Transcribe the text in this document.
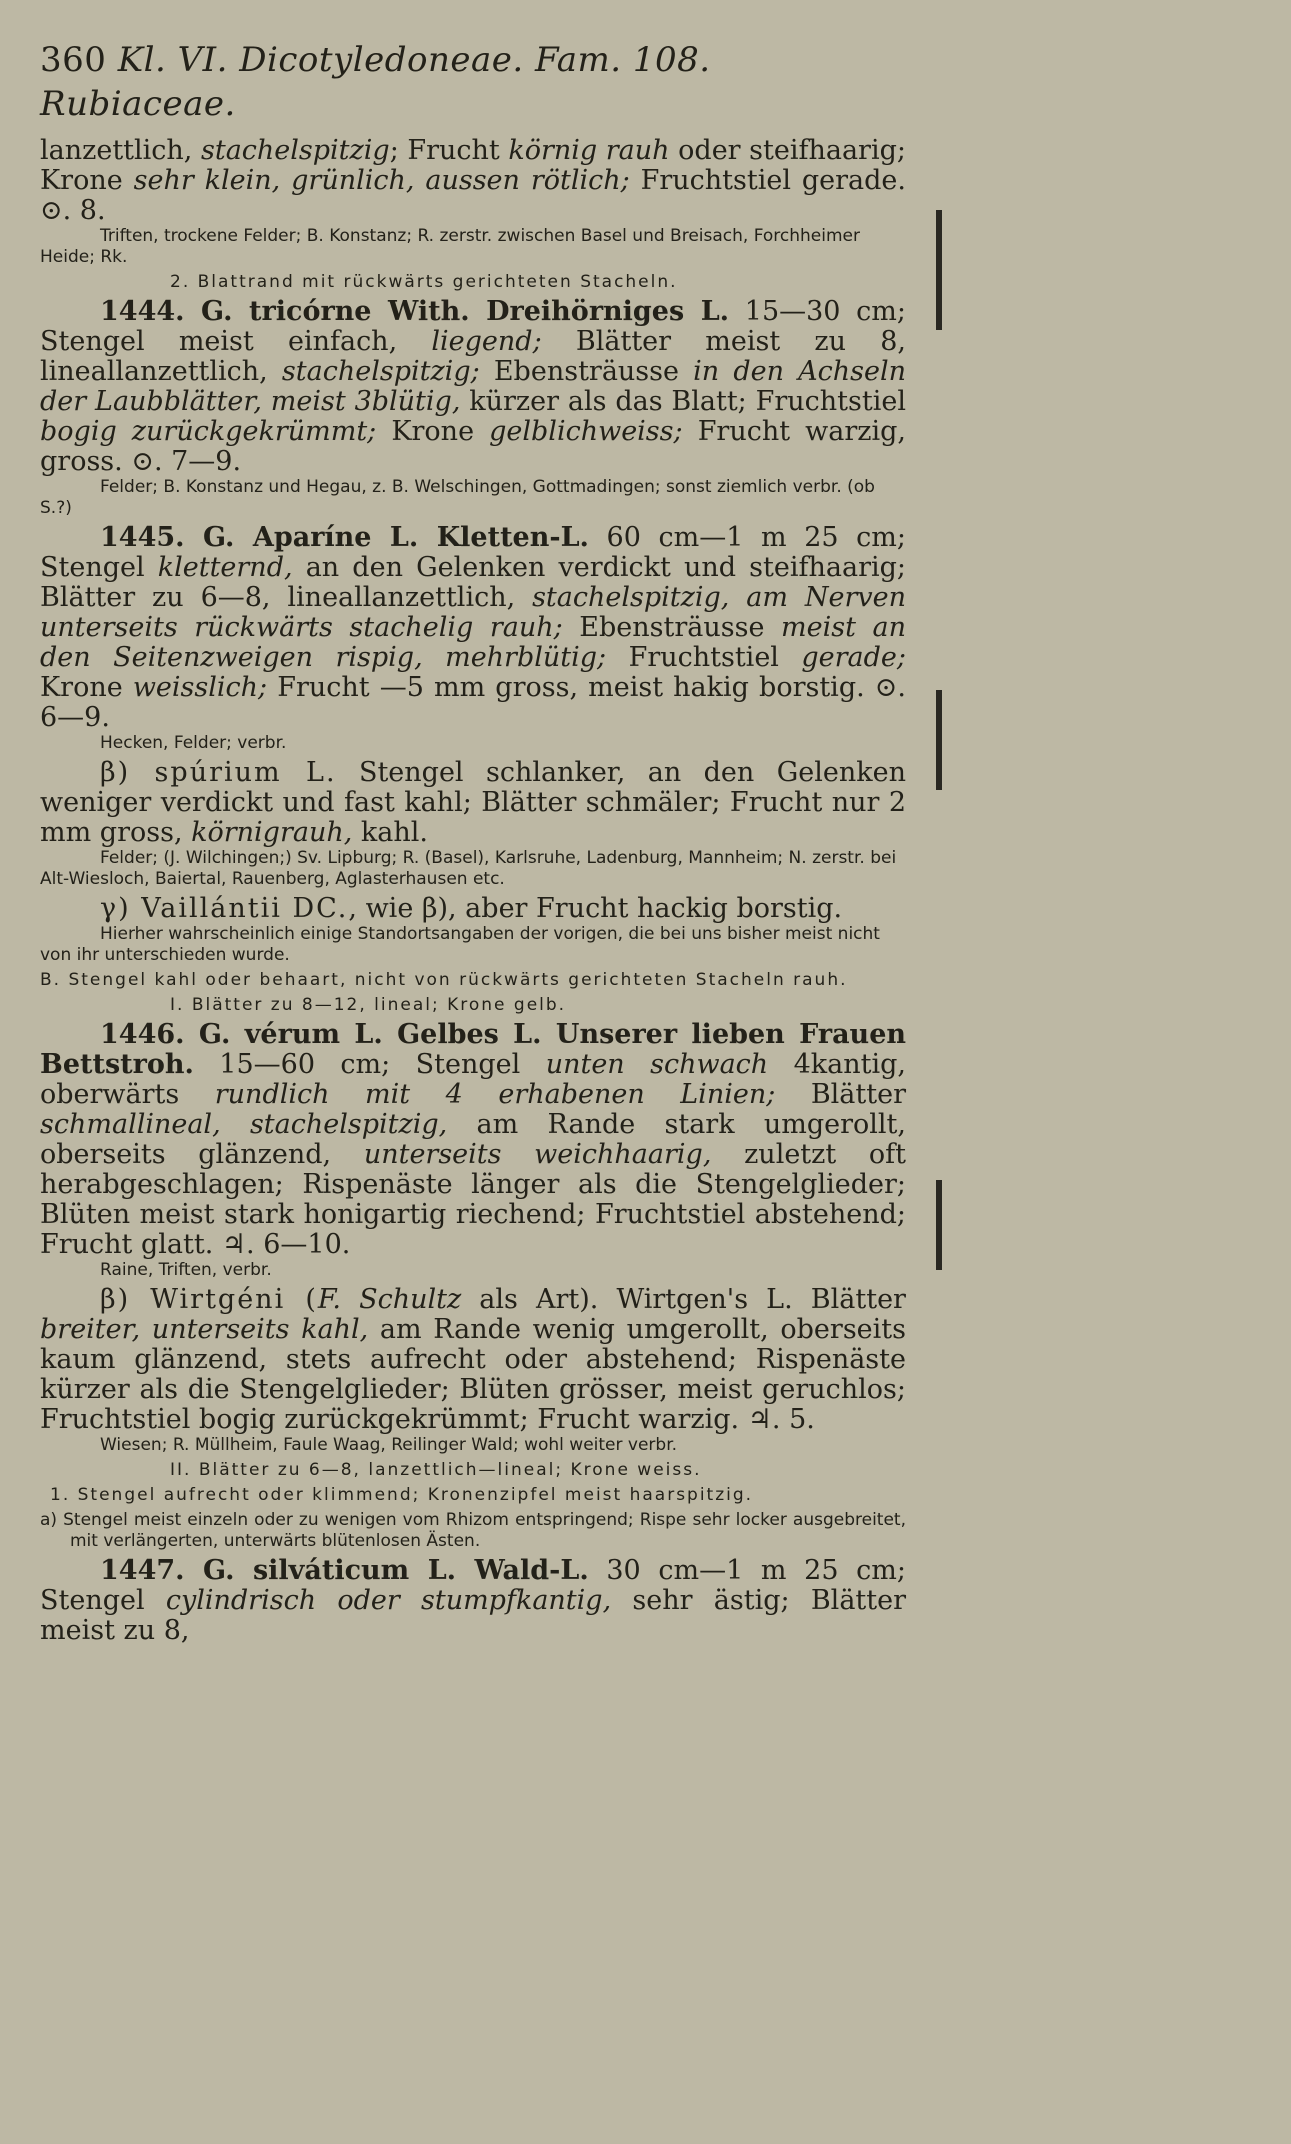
360 Kl. VI. Dicotyledoneae. Fam. 108. Rubiaceae.

lanzettlich, stachelspitzig; Frucht körnig rauh oder steifhaarig; Krone sehr klein, grünlich, aussen rötlich; Fruchtstiel gerade. ⊙. 8.

Triften, trockene Felder; B. Konstanz; R. zerstr. zwischen Basel und Breisach, Forchheimer Heide; Rk.

2. Blattrand mit rückwärts gerichteten Stacheln.

1444. G. tricórne With. Dreihörniges L. 15—30 cm; Stengel meist einfach, liegend; Blätter meist zu 8, lineallanzettlich, stachelspitzig; Ebensträusse in den Achseln der Laubblätter, meist 3blütig, kürzer als das Blatt; Fruchtstiel bogig zurückgekrümmt; Krone gelblichweiss; Frucht warzig, gross. ⊙. 7—9.

Felder; B. Konstanz und Hegau, z. B. Welschingen, Gottmadingen; sonst ziemlich verbr. (ob S.?)

1445. G. Aparíne L. Kletten-L. 60 cm—1 m 25 cm; Stengel kletternd, an den Gelenken verdickt und steifhaarig; Blätter zu 6—8, lineallanzettlich, stachelspitzig, am Nerven unterseits rückwärts stachelig rauh; Ebensträusse meist an den Seitenzweigen rispig, mehrblütig; Fruchtstiel gerade; Krone weisslich; Frucht —5 mm gross, meist hakig borstig. ⊙. 6—9.

Hecken, Felder; verbr.

β) spúrium L. Stengel schlanker, an den Gelenken weniger verdickt und fast kahl; Blätter schmäler; Frucht nur 2 mm gross, körnigrauh, kahl.

Felder; (J. Wilchingen;) Sv. Lipburg; R. (Basel), Karlsruhe, Ladenburg, Mannheim; N. zerstr. bei Alt-Wiesloch, Baiertal, Rauenberg, Aglasterhausen etc.

γ) Vaillántii DC., wie β), aber Frucht hackig borstig.

Hierher wahrscheinlich einige Standortsangaben der vorigen, die bei uns bisher meist nicht von ihr unterschieden wurde.

B. Stengel kahl oder behaart, nicht von rückwärts gerichteten Stacheln rauh.

I. Blätter zu 8—12, lineal; Krone gelb.

1446. G. vérum L. Gelbes L. Unserer lieben Frauen Bettstroh. 15—60 cm; Stengel unten schwach 4kantig, oberwärts rundlich mit 4 erhabenen Linien; Blätter schmallineal, stachelspitzig, am Rande stark umgerollt, oberseits glänzend, unterseits weichhaarig, zuletzt oft herabgeschlagen; Rispenäste länger als die Stengelglieder; Blüten meist stark honigartig riechend; Fruchtstiel abstehend; Frucht glatt. ♃. 6—10.

Raine, Triften, verbr.

β) Wirtgéni (F. Schultz als Art). Wirtgen's L. Blätter breiter, unterseits kahl, am Rande wenig umgerollt, oberseits kaum glänzend, stets aufrecht oder abstehend; Rispenäste kürzer als die Stengelglieder; Blüten grösser, meist geruchlos; Fruchtstiel bogig zurückgekrümmt; Frucht warzig. ♃. 5.

Wiesen; R. Müllheim, Faule Waag, Reilinger Wald; wohl weiter verbr.

II. Blätter zu 6—8, lanzettlich—lineal; Krone weiss.

1. Stengel aufrecht oder klimmend; Kronenzipfel meist haarspitzig.

a) Stengel meist einzeln oder zu wenigen vom Rhizom entspringend; Rispe sehr locker ausgebreitet, mit verlängerten, unterwärts blütenlosen Ästen.

1447. G. silváticum L. Wald-L. 30 cm—1 m 25 cm; Stengel cylindrisch oder stumpfkantig, sehr ästig; Blätter meist zu 8,
